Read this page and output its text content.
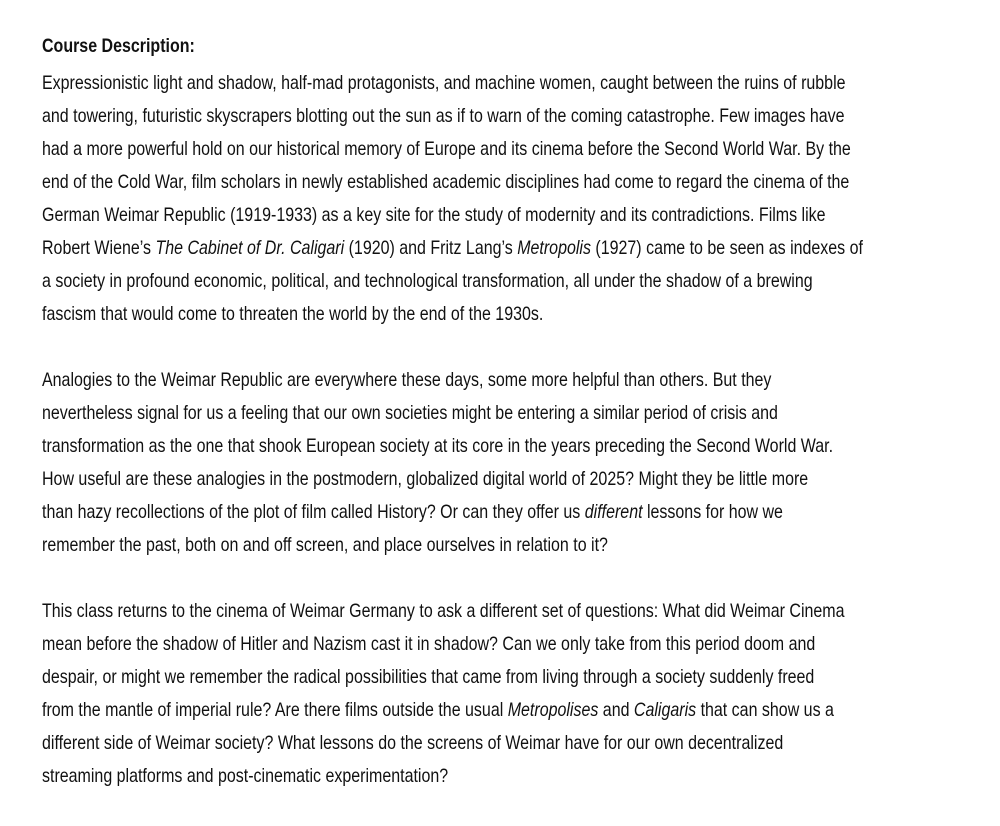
Course Description:
Expressionistic light and shadow, half-mad protagonists, and machine women, caught between the ruins of rubble
and towering, futuristic skyscrapers blotting out the sun as if to warn of the coming catastrophe. Few images have
had a more powerful hold on our historical memory of Europe and its cinema before the Second World War. By the
end of the Cold War, film scholars in newly established academic disciplines had come to regard the cinema of the
German Weimar Republic (1919-1933) as a key site for the study of modernity and its contradictions. Films like
Robert Wiene’s The Cabinet of Dr. Caligari (1920) and Fritz Lang’s Metropolis (1927) came to be seen as indexes of
a society in profound economic, political, and technological transformation, all under the shadow of a brewing
fascism that would come to threaten the world by the end of the 1930s.
Analogies to the Weimar Republic are everywhere these days, some more helpful than others. But they
nevertheless signal for us a feeling that our own societies might be entering a similar period of crisis and
transformation as the one that shook European society at its core in the years preceding the Second World War.
How useful are these analogies in the postmodern, globalized digital world of 2025? Might they be little more
than hazy recollections of the plot of film called History? Or can they offer us different lessons for how we
remember the past, both on and off screen, and place ourselves in relation to it?
This class returns to the cinema of Weimar Germany to ask a different set of questions: What did Weimar Cinema
mean before the shadow of Hitler and Nazism cast it in shadow? Can we only take from this period doom and
despair, or might we remember the radical possibilities that came from living through a society suddenly freed
from the mantle of imperial rule? Are there films outside the usual Metropolises and Caligaris that can show us a
different side of Weimar society? What lessons do the screens of Weimar have for our own decentralized
streaming platforms and post-cinematic experimentation?
